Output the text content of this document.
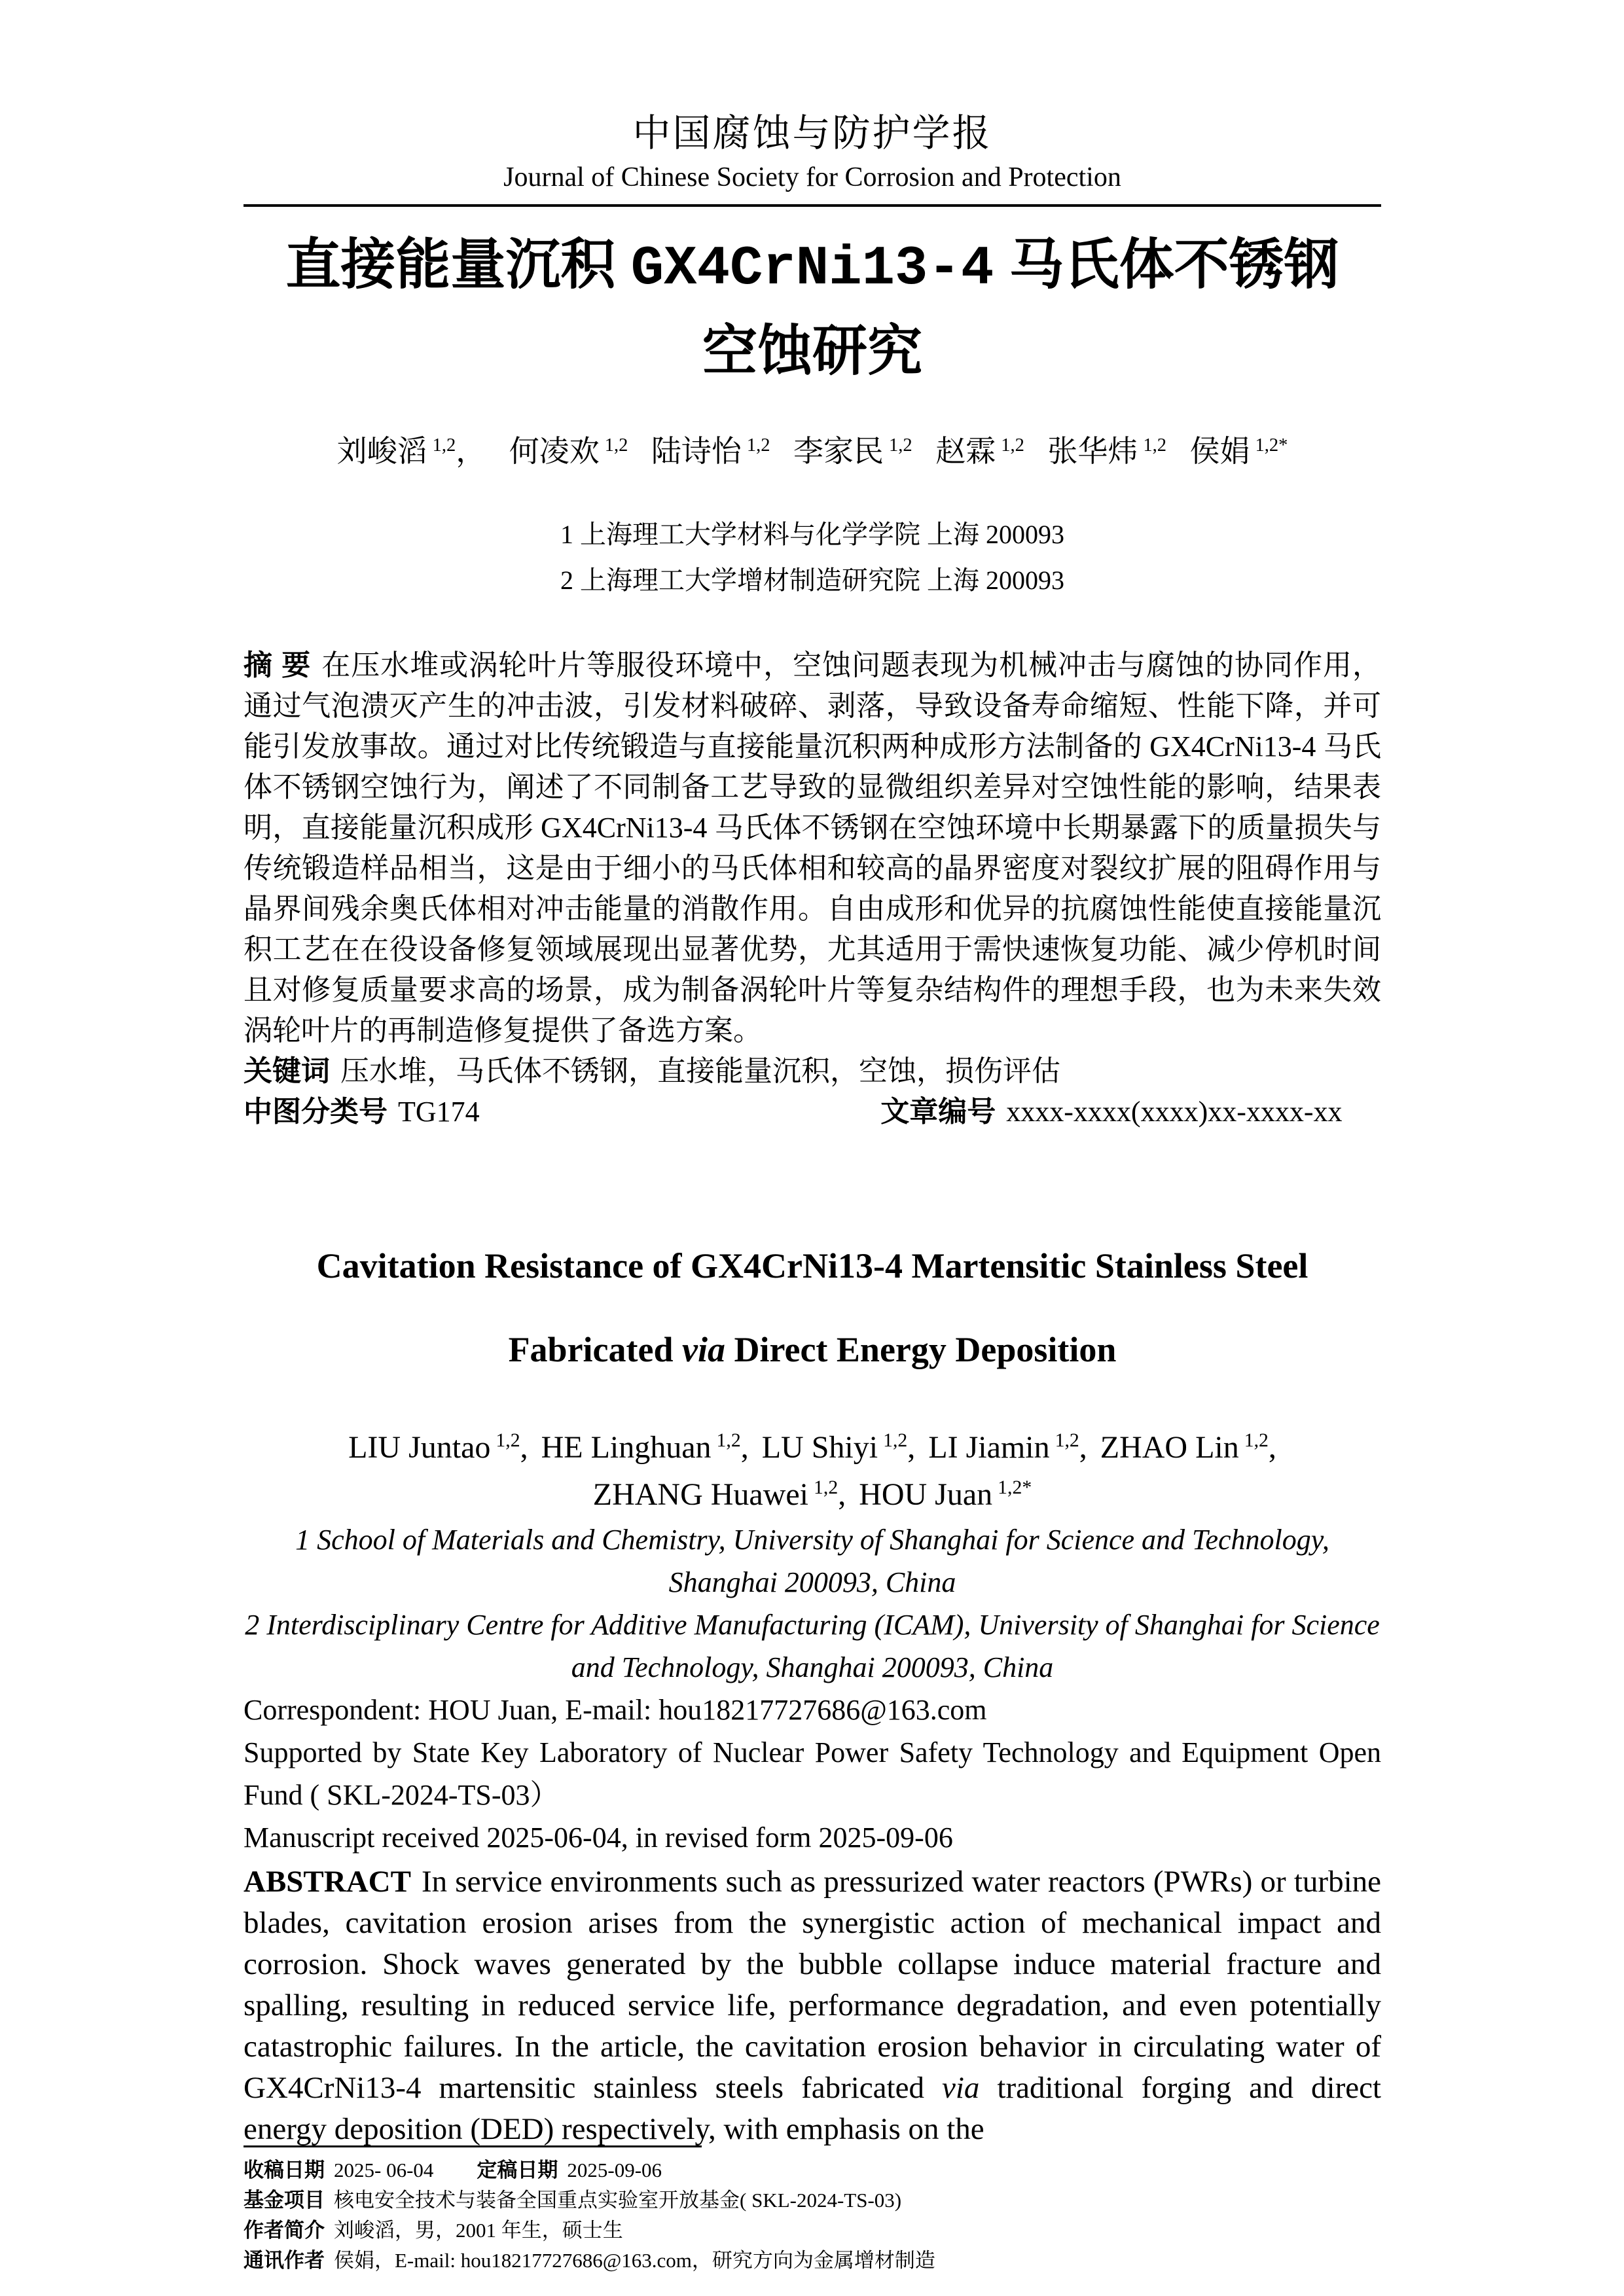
中国腐蚀与防护学报
Journal of Chinese Society for Corrosion and Protection
直接能量沉积 GX4CrNi13-4 马氏体不锈钢
空蚀研究

刘峻滔 $^{1,2}$， 何凌欢 $^{1,2}$ 陆诗怡 $^{1,2}$ 李家民 $^{1,2}$ 赵霖 $^{1,2}$ 张华炜 $^{1,2}$ 侯娟 $^{1,2*}$

1 上海理工大学材料与化学学院 上海 200093
2 上海理工大学增材制造研究院 上海 200093

摘 要 在压水堆或涡轮叶片等服役环境中，空蚀问题表现为机械冲击与腐蚀的协同作用，通过气泡溃灭产生的冲击波，引发材料破碎、剥落，导致设备寿命缩短、性能下降，并可能引发放事故。通过对比传统锻造与直接能量沉积两种成形方法制备的 GX4CrNi13-4 马氏体不锈钢空蚀行为，阐述了不同制备工艺导致的显微组织差异对空蚀性能的影响，结果表明，直接能量沉积成形 GX4CrNi13-4 马氏体不锈钢在空蚀环境中长期暴露下的质量损失与传统锻造样品相当，这是由于细小的马氏体相和较高的晶界密度对裂纹扩展的阻碍作用与晶界间残余奥氏体相对冲击能量的消散作用。自由成形和优异的抗腐蚀性能使直接能量沉积工艺在在役设备修复领域展现出显著优势，尤其适用于需快速恢复功能、减少停机时间且对修复质量要求高的场景，成为制备涡轮叶片等复杂结构件的理想手段，也为未来失效涡轮叶片的再制造修复提供了备选方案。

关键词 压水堆，马氏体不锈钢，直接能量沉积，空蚀，损伤评估

中图分类号 TG174	文章编号 xxxx-xxxx(xxxx)xx-xxxx-xx
Cavitation Resistance of GX4CrNi13-4 Martensitic Stainless Steel
Fabricated via Direct Energy Deposition

LIU Juntao $^{1,2}$, HE Linghuan $^{1,2}$, LU Shiyi $^{1,2}$, LI Jiamin $^{1,2}$, ZHAO Lin $^{1,2}$, ZHANG Huawei $^{1,2}$, HOU Juan $^{1,2*}$

1 School of Materials and Chemistry, University of Shanghai for Science and Technology, Shanghai 200093, China
2 Interdisciplinary Centre for Additive Manufacturing (ICAM), University of Shanghai for Science and Technology, Shanghai 200093, China

Correspondent: HOU Juan, E-mail: hou18217727686@163.com

Supported by State Key Laboratory of Nuclear Power Safety Technology and Equipment Open Fund ( SKL-2024-TS-03）

Manuscript received 2025-06-04, in revised form 2025-09-06

ABSTRACT In service environments such as pressurized water reactors (PWRs) or turbine blades, cavitation erosion arises from the synergistic action of mechanical impact and corrosion. Shock waves generated by the bubble collapse induce material fracture and spalling, resulting in reduced service life, performance degradation, and even potentially catastrophic failures. In the article, the cavitation erosion behavior in circulating water of GX4CrNi13-4 martensitic stainless steels fabricated via traditional forging and direct energy deposition (DED) respectively, with emphasis on the

收稿日期 2025- 06-04 定稿日期 2025-09-06
基金项目 核电安全技术与装备全国重点实验室开放基金( SKL-2024-TS-03)
作者简介 刘峻滔，男，2001 年生，硕士生
通讯作者 侯娟，E-mail: hou18217727686@163.com，研究方向为金属增材制造
